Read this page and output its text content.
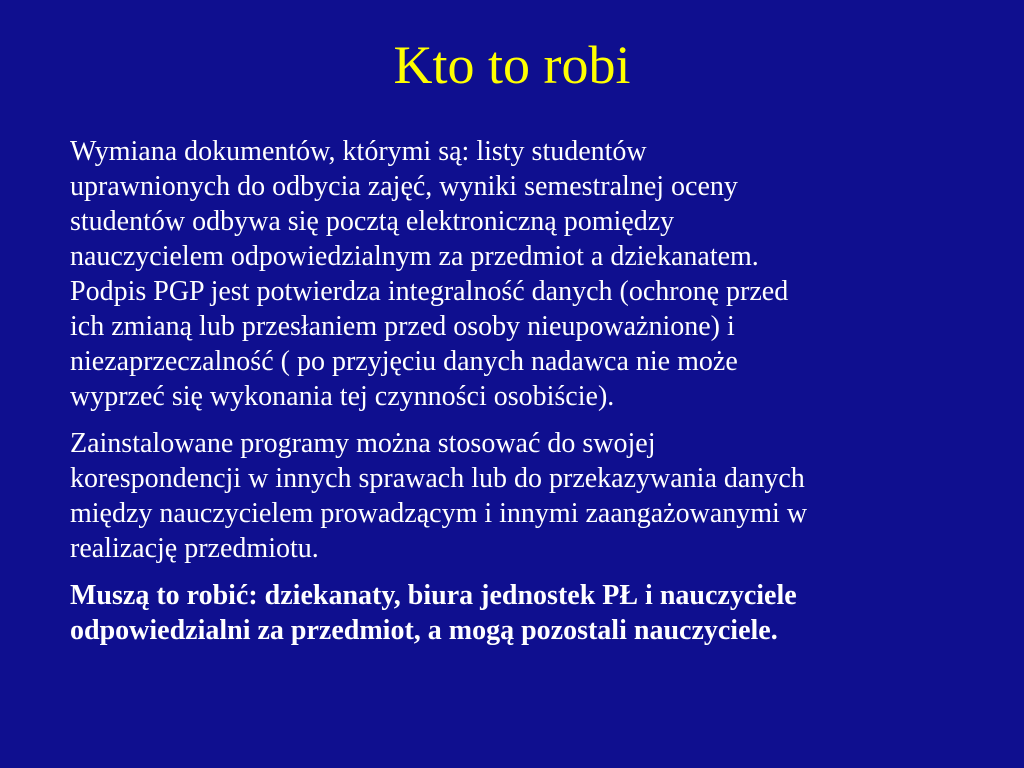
Kto to robi

Wymiana dokumentów, którymi są: listy studentów
uprawnionych do odbycia zajęć, wyniki semestralnej oceny
studentów odbywa się pocztą elektroniczną pomiędzy
nauczycielem odpowiedzialnym za przedmiot a dziekanatem.
Podpis PGP jest potwierdza integralność danych (ochronę przed
ich zmianą lub przesłaniem przed osoby nieupoważnione) i
niezaprzeczalność ( po przyjęciu danych nadawca nie może
wyprzeć się wykonania tej czynności osobiście).

Zainstalowane programy można stosować do swojej
korespondencji w innych sprawach lub do przekazywania danych
między nauczycielem prowadzącym i innymi zaangażowanymi w
realizację przedmiotu.

Muszą to robić: dziekanaty, biura jednostek PŁ i nauczyciele
odpowiedzialni za przedmiot, a mogą pozostali nauczyciele.
